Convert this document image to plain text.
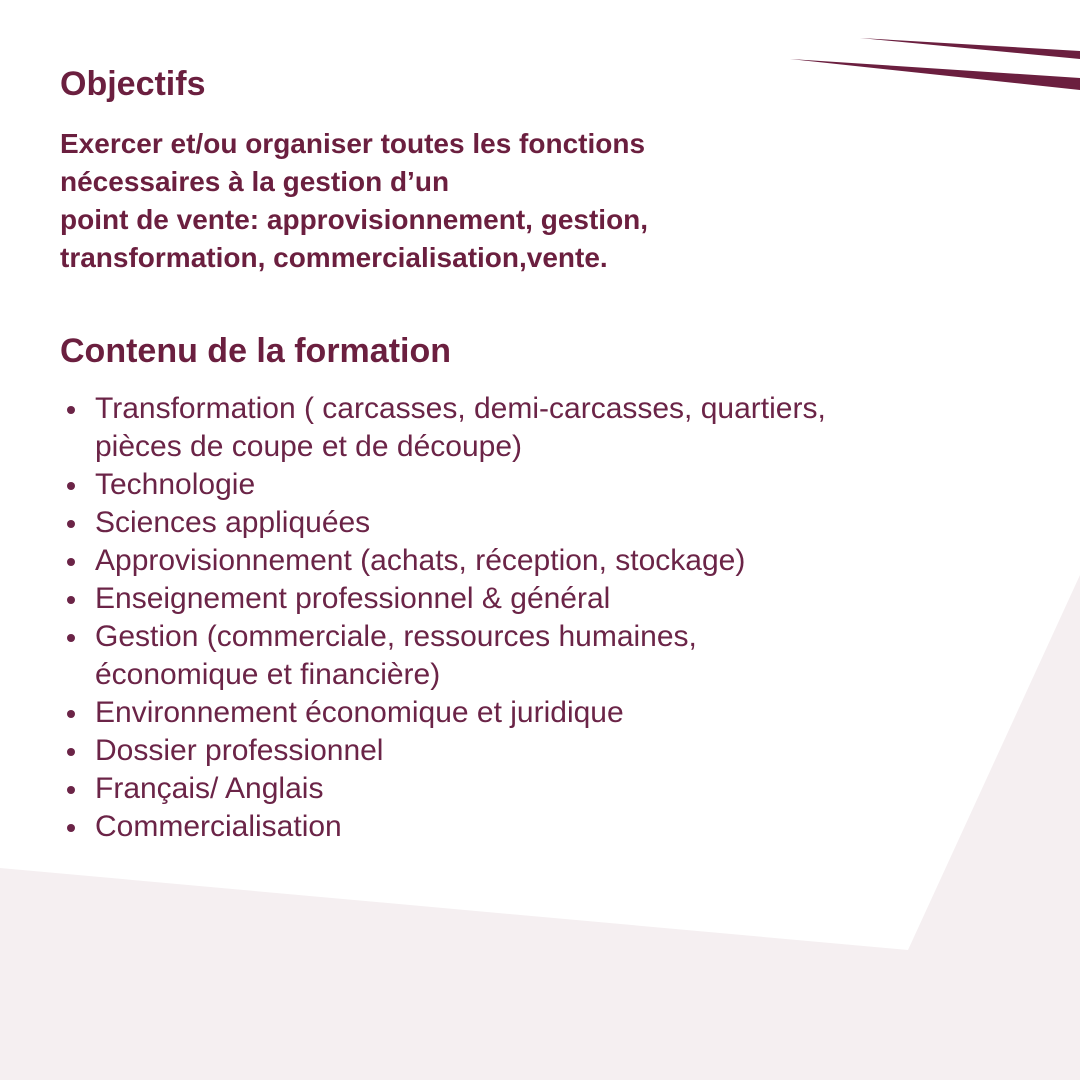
Objectifs

Exercer et/ou organiser toutes les fonctions
nécessaires à la gestion d’un
point de vente: approvisionnement, gestion,
transformation, commercialisation,vente.

Contenu de la formation
Transformation ( carcasses, demi-carcasses, quartiers, pièces de coupe et de découpe)
Technologie
Sciences appliquées
Approvisionnement (achats, réception, stockage)
Enseignement professionnel & général
Gestion (commerciale, ressources humaines, économique et financière)
Environnement économique et juridique
Dossier professionnel
Français/ Anglais
Commercialisation
